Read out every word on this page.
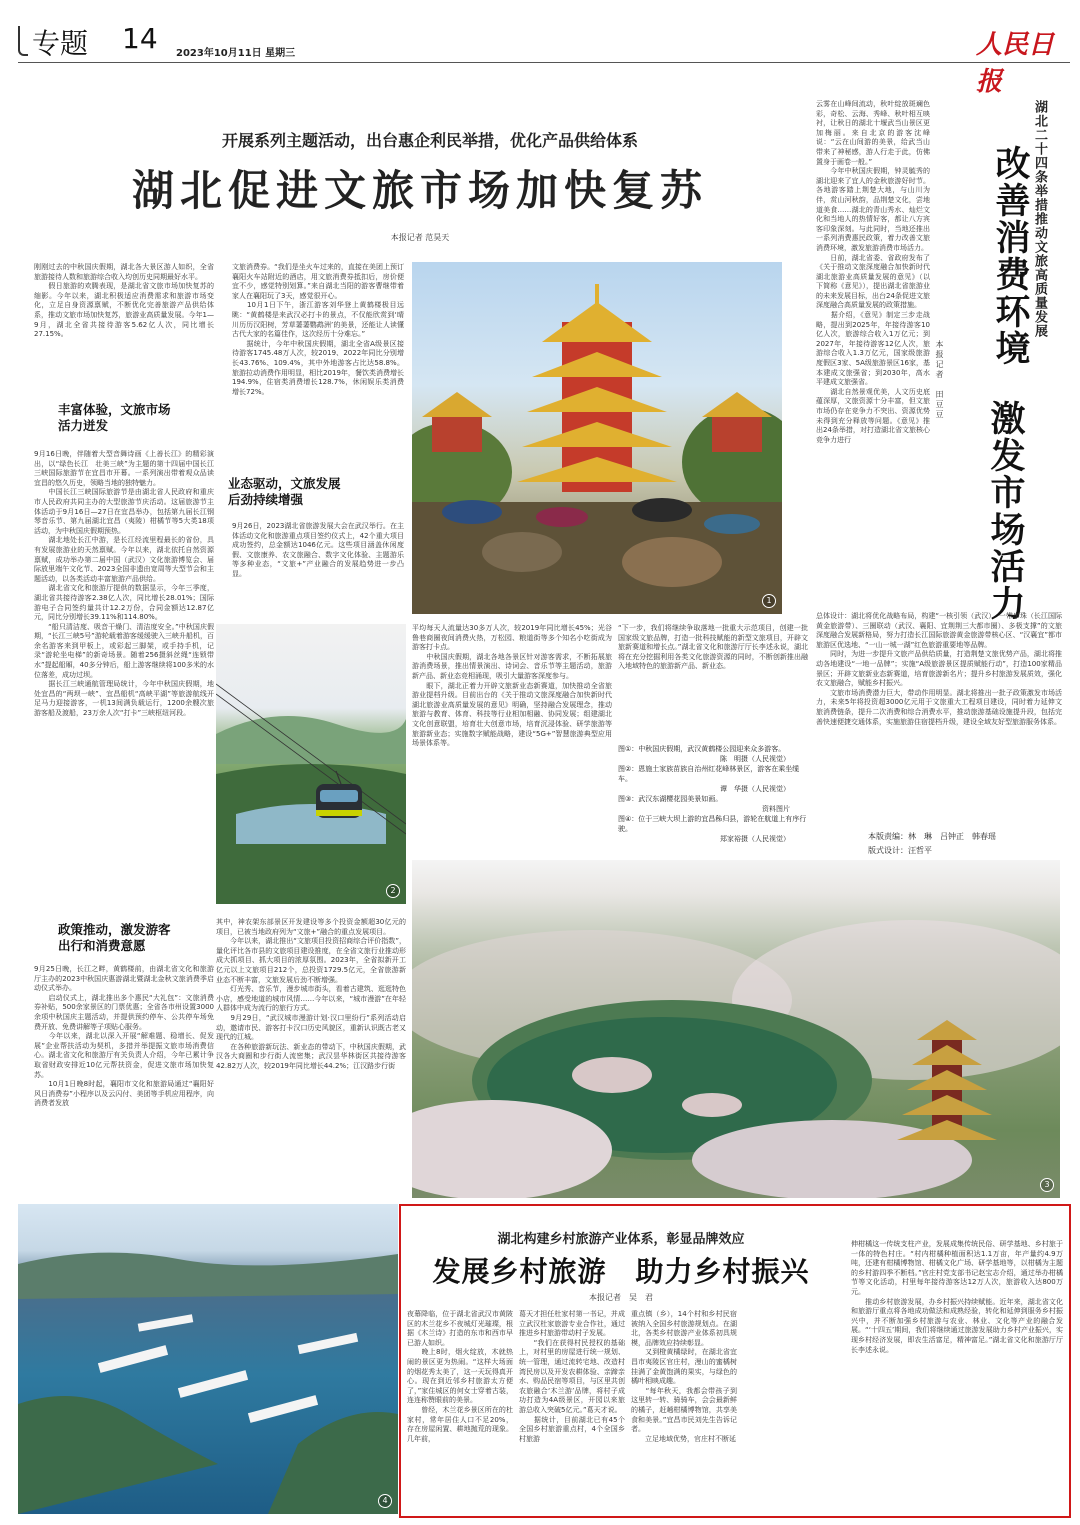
专题 14 2023年10月11日 星期三	人民日报
开展系列主题活动，出台惠企利民举措，优化产品供给体系
湖北促进文旅市场加快复苏
本报记者 范昊天
刚刚过去的中秋国庆假期，湖北各大景区游人如织，全省旅游接待人数和旅游综合收入均创历史同期最好水平。
　　假日旅游的欢腾表现，是湖北省文旅市场加快复苏的缩影。今年以来，湖北积极适应消费需求和旅游市场变化，立足自身资源禀赋，不断优化完善旅游产品供给体系，推动文旅市场加快复苏，旅游业高质量发展。今年1—9月，湖北全省共接待游客5.62亿人次，同比增长27.15%。
丰富体验，文旅市场
活力迸发
9月16日晚，伴随着大型音舞诗画《上善长江》的精彩演出，以“绿色长江　壮美三峡”为主题的第十四届中国长江三峡国际旅游节在宜昌市开幕。一系列演出带着观众品读宜昌的悠久历史，领略当地的独特魅力。
　　中国长江三峡国际旅游节是由湖北省人民政府和重庆市人民政府共同主办的大型旅游节庆活动。这届旅游节主体活动于9月16日—27日在宜昌举办，包括第九届长江钢琴音乐节、第九届湖北宜昌（夷陵）柑橘节等5大类18项活动，为中秋国庆假期预热。
　　湖北地处长江中游，是长江经流里程最长的省份，具有发展旅游业的天然禀赋。今年以来，湖北依托自然资源禀赋，成功举办第二届中国（武汉）文化旅游博览会、届际放里端午文化节、2023全国非遗由宽周等大型节会和主题活动，以各类活动丰富旅游产品供给。
　　湖北省文化和旅游厅提供的数据显示，今年三季度，湖北省共接待游客2.38亿人次，同比增长28.01%；国际游电子合同签约量共计12.2万份，合同金额达12.87亿元，同比分别增长39.11%和114.80%。
　　“船只清洁度、吸音干燥门、清洁度安全。”中秋国庆假期，“长江三峡5号”游轮载着游客缓缓驶入三峡升船机，百余名游客来到甲板上，或彩起三脚架，或手持手机，记录“游轮坐电梯”的新奇场景。随着256摄斜丝绳“连锁带水”提起船厢，40多分钟后，船上游客继续将100多米的水位落差，成功过坝。
　　据长江三峡通航管理局统计，今年中秋国庆假期，地处宜昌的“两坝一峡”、宜昌船机“高峡平湖”等旅游航线开足马力迎接游客，一机13间满负载运行，1200余艘次旅游客船及渡船，23万余人次“打卡”三峡枢纽河段。
政策推动，激发游客
出行和消费意愿
9月25日晚，长江之畔，黄鹤楼前，由湖北省文化和旅游厅主办的2023中秋国庆惠游湖北暨湖北金秋文旅消费季启动仪式举办。
　　启动仪式上，湖北推出多个惠民“大礼包”：文旅消费券补贴，500余家景区的门票优惠；全省各市州设置3000余项中秋国庆主题活动，并提供预约停车、公共停车场免费开放、免费讲解等子项贴心服务。
　　今年以来，湖北以深入开展“解难题、稳增长、促发展”企业帮扶活动为契机，多措并举提振文旅市场消费信心。湖北省文化和旅游厅有关负责人介绍，今年已累计争取省财政安排近10亿元帮扶资金，促进文旅市场加快复苏。
　　10月1日晚8时起，襄阳市文化和旅游局通过“襄阳好风日消费券”小程序以及云闪付、美团等手机应用程序，向消费者发放
文旅消费券。“我们是坐火车过来的，直接在美团上预订襄阳火车站附近的酒店，用文旅消费券抵扣后，房价便宜不少，感觉特别划算。”来自湖北当阳的游客曹继带着家人在襄阳玩了3天，感觉很开心。
　　10月1日下午，浙江游客刘华登上黄鹤楼极目远眺：“黄鹤楼是来武汉必打卡的景点，不仅能欣赏到‘晴川历历汉阳树，芳草萋萋鹦鹉洲’的美景，还能让人读懂古代大家的名篇佳作，这次经历十分难忘。”
　　据统计，今年中秋国庆假期，湖北全省A级景区接待游客1745.48万人次，较2019、2022年同比分别增长43.76%、109.4%，其中外地游客占比达58.8%。旅游拉动消费作用明显，相比2019年，餐饮类消费增长194.9%，住宿类消费增长128.7%，休闲娱乐类消费增长72%。
业态驱动，文旅发展
后劲持续增强
9月26日，2023湖北省旅游发展大会在武汉举行。在主体活动文化和旅游重点项目签约仪式上，42个重大项目成功签约，总金额达1046亿元。这些项目涵盖休闲度假、文旅康养、农文旅融合、数字文化体验、主题游乐等多种业态，“文旅+”产业融合的发展趋势进一步凸显。
其中，神农架东部景区开发建设等多个投资金额超30亿元的项目，已被当地政府列为“文旅+”融合的重点发展项目。
　　今年以来，湖北推出“文旅项目投资招商综合评价指数”，量化评比各市县的文旅项目建设推度，在全省文旅行业推动形成大抓项目、抓大项目的浓厚氛围。2023年，全省拟新开工亿元以上文旅项目212个，总投资1729.5亿元，全省旅游新业态不断丰富，文旅发展后劲不断增强。
　　灯光秀、音乐节，漫步城市街头，看着古建筑、逛逛特色小店，感受地道的城市风情……今年以来，“城市漫游”在年轻人群体中成为流行的旅行方式。
　　9月29日，“武汉城市漫游计划·汉口里纷行”系列活动启动，邀请市民、游客打卡汉口历史风貌区，重新认识既古老又现代的江城。
　　在各种旅游新玩法、新业态的带动下，中秋国庆假期，武汉各大商圈和步行街人流密集；武汉昙华林街区共接待游客42.82万人次，较2019年同比增长44.2%；江汉路步行街
平均每天人流量达30多万人次，较2019年同比增长45%；光谷鲁巷商圈夜间消费火热，万松园、粮道街等多个知名小吃街成为游客打卡点。
　　中秋国庆假期，湖北各地各景区针对游客需求，不断拓展旅游消费场景，推出情景演出、诗词会、音乐节等主题活动，旅游新产品、新业态竞相涌现，吸引大量游客深度参与。
　　眼下，湖北正着力开辟文旅新业态新赛道，加快推动全省旅游业提档升级。目前出台的《关于推动文旅深度融合加快新时代湖北旅游业高质量发展的意见》明确，坚持融合发展理念，推动旅游与教育、体育、科技等行业相加相融、协同发展；组建湖北文化创意联盟，培育壮大创意市场，培育沉浸体验、研学旅游等旅游新业态；实施数字赋能战略，建设“5G+”智慧旅游典型应用场景体系等。
“下一步，我们将继续争取落地一批重大示范项目，创建一批国家级文旅品牌，打造一批科技赋能的新型文旅项目，开辟文旅新赛道和增长点。”湖北省文化和旅游厅厅长李述永说，湖北将在充分挖掘利用各类文化旅游资源的同时，不断创新推出融入地域特色的旅游新产品、新业态。
图①：中秋国庆假期，武汉黄鹤楼公园迎来众多游客。
陈　明摄（人民视觉）
图②：恩施土家族苗族自治州红花峰林景区，游客在乘坐缆车。
谭　华摄（人民视觉）
图③：武汉东湖樱花园美景如画。
资料图片
图④：位于三峡大坝上游的宜昌秭归县，游轮在航道上有序行驶。
郑家裕摄（人民视觉）
1
2
3
湖北二十四条举措推动文旅高质量发展
改善消费环境
激发市场活力
本报记者　田豆豆
云雾在山峰间流动，秋叶绽放斑斓色彩，奇松、云海、秀峰、秋叶相互映衬，让秋日的湖北十堰武当山景区更加梅丽。来自北京的游客沈峰说：“云在山间游的美景，给武当山带来了神秘感，游人行走于此，仿佛置身于画卷一般。”
　　今年中秋国庆假期，钟灵毓秀的湖北迎来了宜人的金秋旅游好时节。各地游客踏上荆楚大地，与山川为伴，赏山河秋韵，品荆楚文化，尝地道美食……湖北的青山秀水、灿烂文化和当地人的热情好客，都让八方宾客印象深刻。与此同时，当地还推出一系列消费惠民政策，着力改善文旅消费环境，激发旅游消费市场活力。
　　日前，湖北省委、省政府发布了《关于推动文旅深度融合加快新时代湖北旅游业高质量发展的意见》（以下简称《意见》），提出湖北省旅游业的未来发展目标，出台24条促进文旅深度融合高质量发展的政策措施。
　　据介绍，《意见》制定三步走战略，提出到2025年，年接待游客10亿人次，旅游综合收入1万亿元；到2027年，年接待游客12亿人次，旅游综合收入1.3万亿元，国家级旅游度假区3家、5A级旅游景区16家，基本建成文旅强省；到2030年，高水平建成文旅强省。
　　湖北自然景观优美，人文历史底蕴深厚，文旅资源十分丰富，但文旅市场仍存在竞争力不突出、资源优势未得到充分释放等问题。《意见》推出24条举措，对打造湖北省文旅核心竞争力进行
总体设计：湖北将优化战略布局，构建“一核引领（武汉）、一带串珠（长江国际黄金旅游带）、三圈联动（武汉、襄阳、宜荆荆三大都市圈）、多极支撑”的文旅深度融合发展新格局，努力打造长江国际旅游黄金旅游带核心区、“汉襄宜”都市旅游区优选地、“一山一城一湖”红色旅游重要地等品牌。
　　同时，为进一步提升文旅产品供给质量，打造荆楚文旅优势产品，湖北将推动各地建设“一地一品牌”；实施“A级旅游景区提质赋能行动”，打造100家精品景区；开辟文旅新业态新赛道，培育旅游新名片；提升乡村旅游发展质效，强化农文旅融合，赋能乡村振兴。
　　文旅市场消费潜力巨大，带动作用明显。湖北将推出一批子政策激发市场活力，未来5年将投资超3000亿元用于文旅重大工程项目建设，同时着力延伸文旅消费链条，提升二次消费和综合消费水平，推动旅游基础设施提升段，包括完善快速便捷交通体系，实施旅游住宿提档升级，建设全域友好型旅游服务体系。
本版责编：林　琳　吕钟正　韩春瑶
版式设计：汪哲平
4
湖北构建乡村旅游产业体系，彰显品牌效应
发展乡村旅游　助力乡村振兴
本报记者　吴　君
夜幕降临，位于湖北省武汉市黄陂区的木兰花乡不夜城灯光璀璨，根据《木兰诗》打造的东市和西市早已游人如织。
　　晚上8时，烟火绽放，木就热闹的景区更为热闹。“这样大场面的烟花秀太美了，这一天玩得真开心。现在到近邻乡村旅游太方便了，”家住城区的何女士穿着古装，连连称赞眼前的美景。
　　曾经，木兰花乡景区所在的杜家村，常年居住人口不足20%，存在房屋闲置、耕地抛荒的现象。几年前，
葛天才担任杜家村第一书记，并成立武汉杜家旅游专业合作社，通过推进乡村旅游带动村子发展。
　　“我们在获得村民授权的基础上，对村里的房屋进行统一规划、统一管理，通过流转宅地、改造村湾民房以及开发农耕体验、亲蹄亲水、购品民宿等项目，与区里共创农旅融合‘木兰游’品牌，将村子成功打造为4A级景区，开园以来旅游总收入突破5亿元。”葛天才说。
　　据统计，目前湖北已有45个全国乡村旅游重点村，4个全国乡村旅游
重点镇（乡），14个村和乡村民宿被纳入全国乡村旅游规划点。在湖北，各类乡村旅游产业体系初具规模，品牌效应持续彰显。
　　又到橙黄橘绿时，在湖北省宜昌市夷陵区官庄村，漫山的蜜橘树挂满了金黄饱满的果实，与绿色的橘叶相映成趣。
　　“每年秋天，我都会带孩子到这里转一转、骑骑车，会会最新鲜的橘子，赶趟柑橘博物馆，共享美食和美景。”宜昌市民刘先生告诉记者。
　　立足地域优势，官庄村不断延
伸柑橘这一传统支柱产业，发展成集传统民俗、研学基地、乡村旅于一体的特色村庄。“村内柑橘种植面积达1.1万亩，年产量约4.9万吨，还建有柑橘博物馆、柑橘文化广场、研学基地等，以柑橘为主题的乡村游四季不断档。”官庄村党支部书记赵宝志介绍，通过举办柑橘节等文化活动，村里每年接待游客达12万人次，旅游收入达800万元。
　　推动乡村旅游发展，办乡村振兴持续赋能。近年来，湖北省文化和旅游厅重点将各地成功做法和成熟经验，转化和延伸到服务乡村振兴中，并不断加强乡村旅游与农业、林业、文化等产业的融合发展。“‘十四五’期间，我们将继续通过旅游发展助力乡村产业振兴，实现乡村经济发展，即农生活富足，精神富足。”湖北省文化和旅游厅厅长李述永说。
